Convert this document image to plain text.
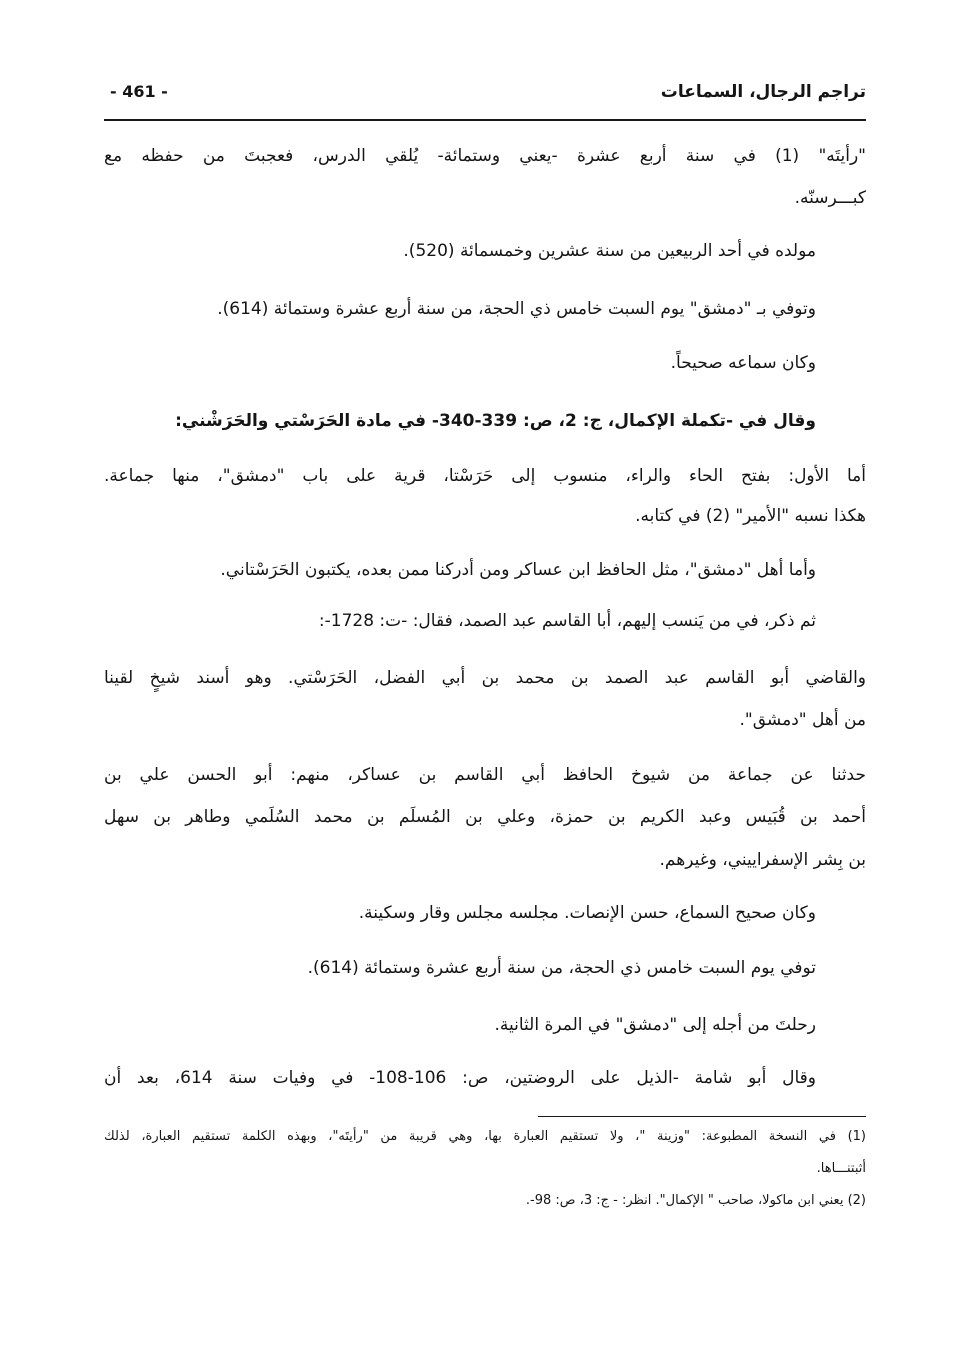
تراجم الرجال، السماعات
- 461 -
"رأيتَه" (1) في سنة أربع عشرة -يعني وستمائة- يُلقي الدرس، فعجبتَ من حفظه مع
كبـــرسنّه.
مولده في أحد الربيعين من سنة عشرين وخمسمائة (520).
وتوفي بـ "دمشق" يوم السبت خامس ذي الحجة، من سنة أربع عشرة وستمائة (614).
وكان سماعه صحيحاً.
وقال في -تكملة الإكمال، ج: 2، ص: 339-340- في مادة الحَرَسْتي والحَرَشْني:
أما الأول: بفتح الحاء والراء، منسوب إلى حَرَسْتا، قرية على باب "دمشق"، منها جماعة.
هكذا نسبه "الأمير" (2) في كتابه.
وأما أهل "دمشق"، مثل الحافظ ابن عساكر ومن أدركنا ممن بعده، يكتبون الحَرَسْتاني.
ثم ذكر، في من يَنسب إليهم، أبا القاسم عبد الصمد، فقال: -ت: 1728-:
والقاضي أبو القاسم عبد الصمد بن محمد بن أبي الفضل، الحَرَسْتي. وهو أسند شيخٍ لقينا
من أهل "دمشق".
حدثنا عن جماعة من شيوخ الحافظ أبي القاسم بن عساكر، منهم: أبو الحسن علي بن
أحمد بن قُبَيس وعبد الكريم بن حمزة، وعلي بن المُسلَم بن محمد السُلَمي وطاهر بن سهل
بن بِشر الإسفراييني، وغيرهم.
وكان صحيح السماع، حسن الإنصات. مجلسه مجلس وقار وسكينة.
توفي يوم السبت خامس ذي الحجة، من سنة أربع عشرة وستمائة (614).
رحلتَ من أجله إلى "دمشق" في المرة الثانية.
وقال أبو شامة -الذيل على الروضتين، ص: 106-108- في وفيات سنة 614، بعد أن
(1) في النسخة المطبوعة: "وزينة "، ولا تستقيم العبارة بها، وهي قريبة من "رأيتَه"، وبهذه الكلمة تستقيم العبارة، لذلك
أثبتنـــاها.
(2) يعني ابن ماكولا، صاحب " الإكمال". انظر: - ج: 3، ص: 98-.
